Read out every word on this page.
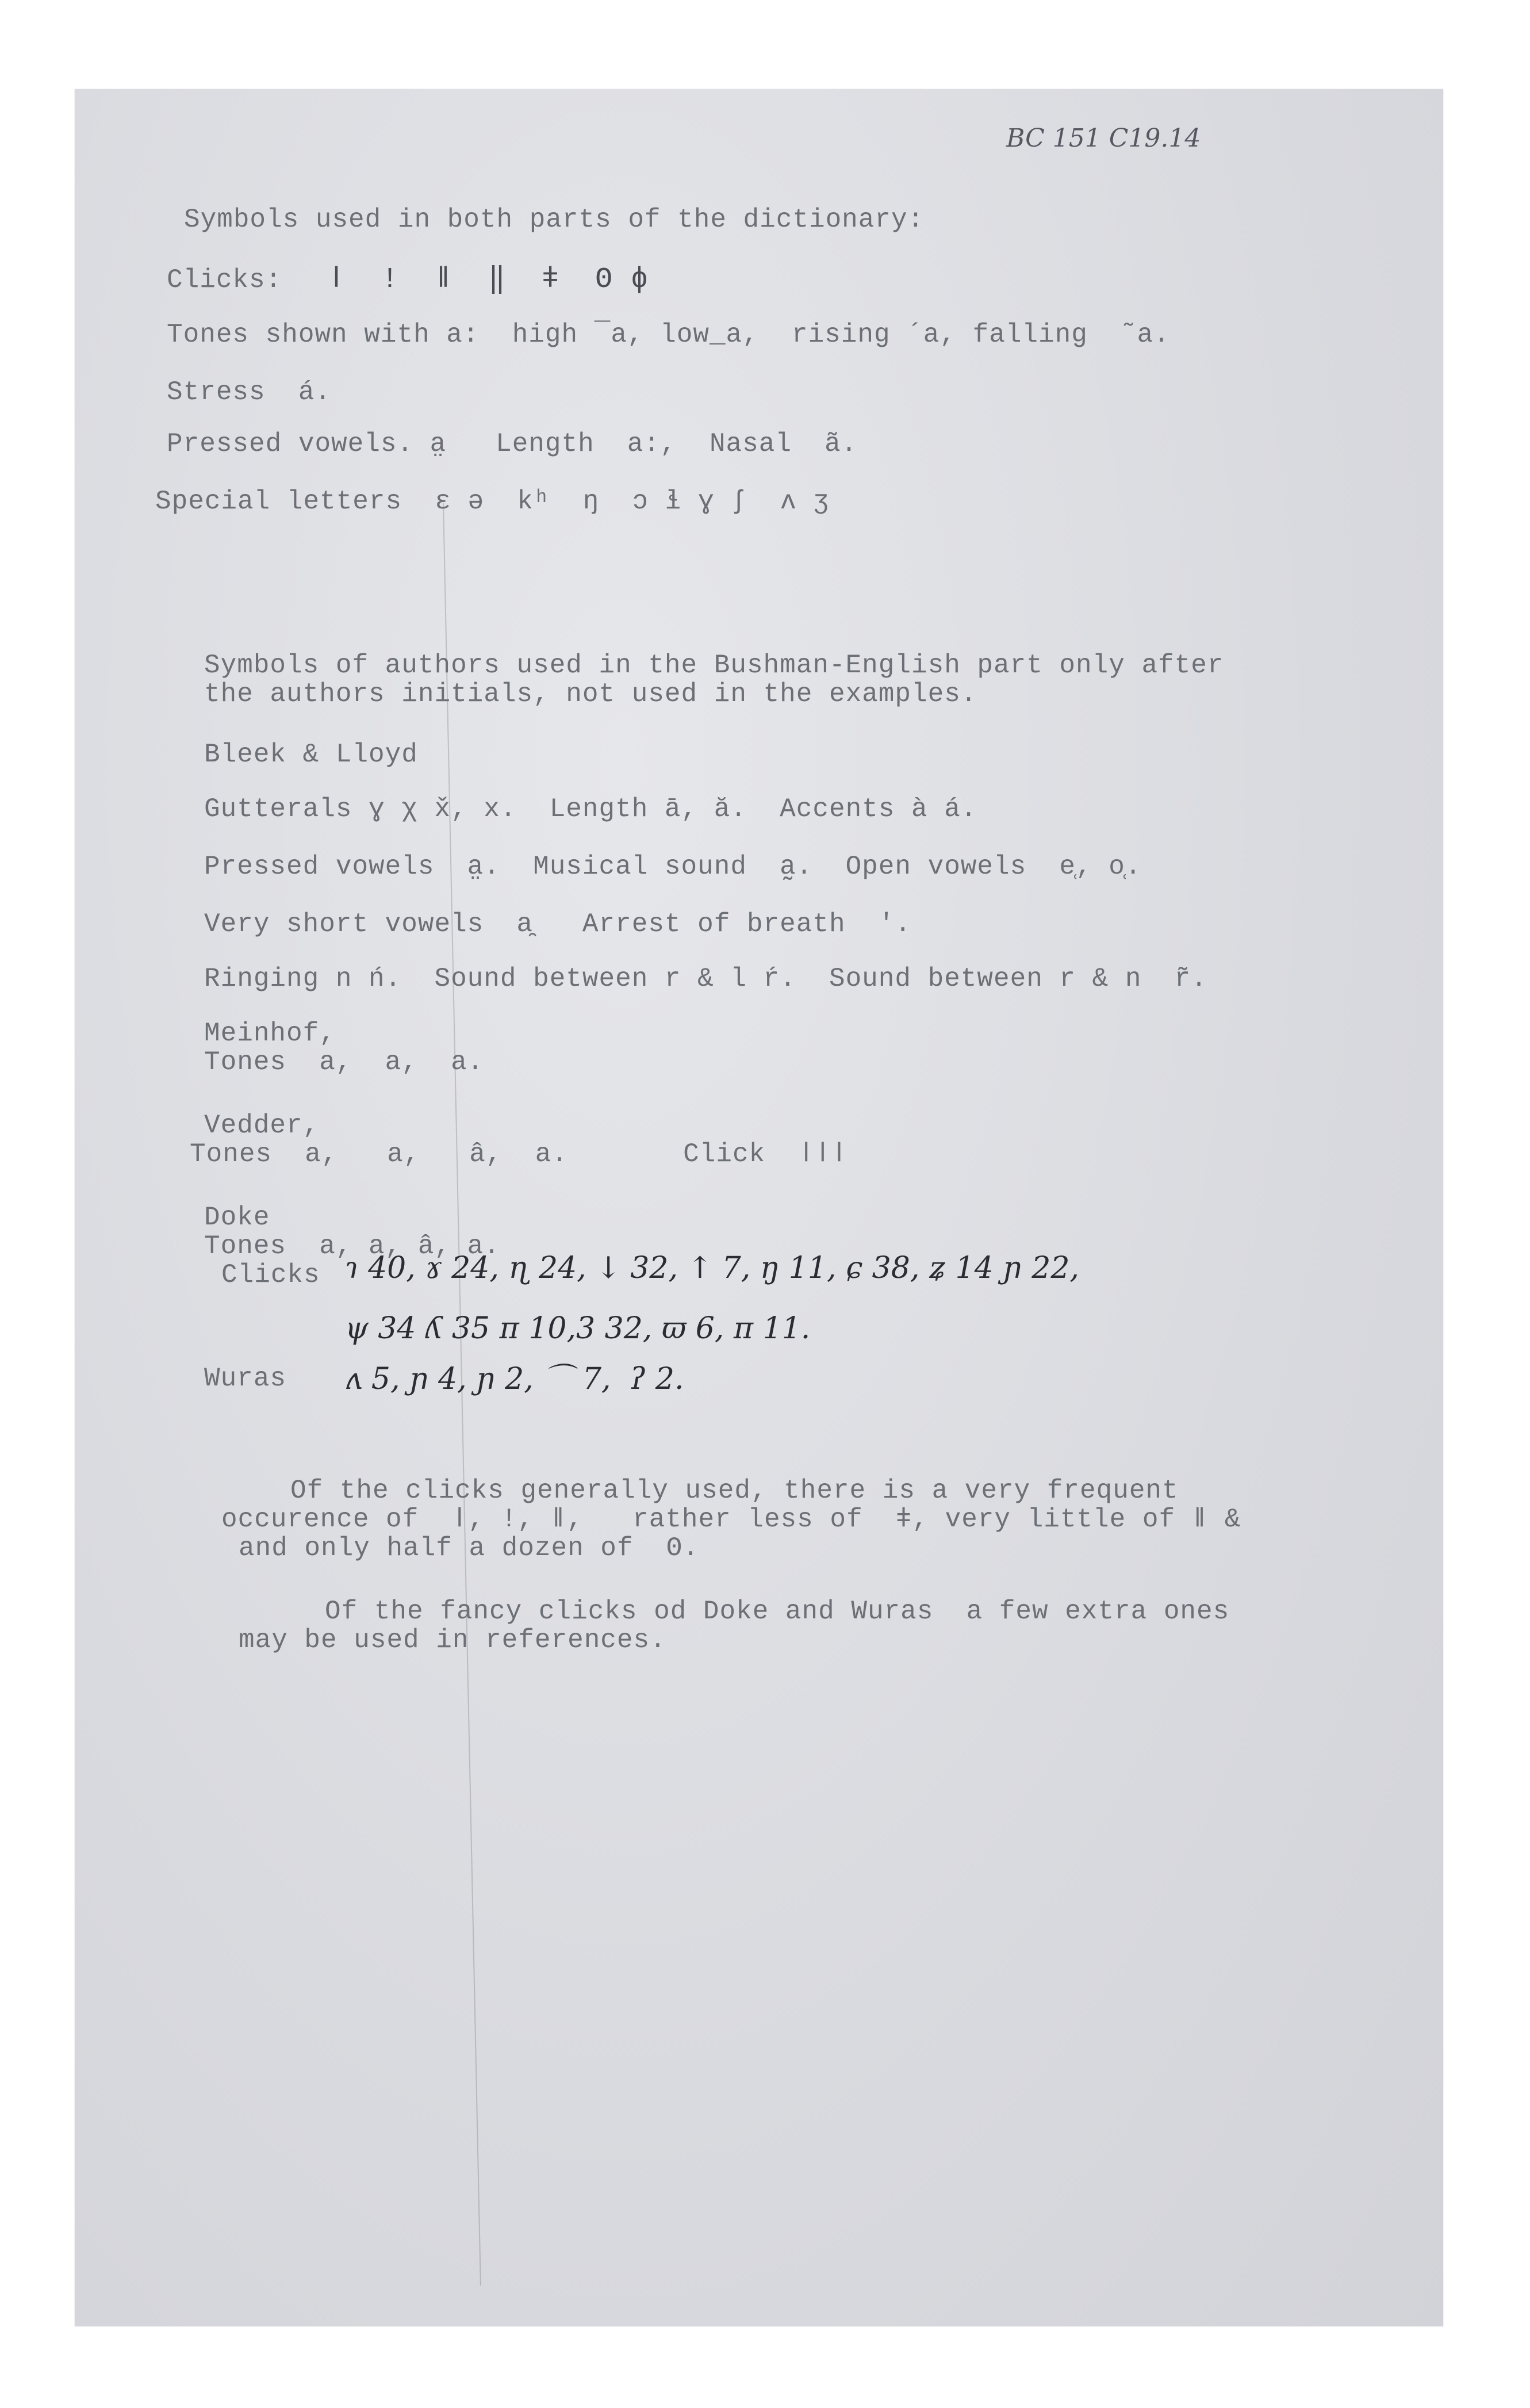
BC 151 C19.14
Symbols used in both parts of the dictionary:
Clicks: ǀ  ǃ  ǁ  ‖  ǂ  ʘ ɸ
Tones shown with a:  high ¯a, low_a,  rising ´a, falling  ˜a.
Stress  á.
Pressed vowels. a̤   Length  a:,  Nasal  ã.
Special letters  ɛ ə  kʰ  ŋ  ɔ ɬ ɣ ʃ  ʌ ʒ
Symbols of authors used in the Bushman-English part only after
the authors initials, not used in the examples.
Bleek & Lloyd
Gutterals ɣ χ x̌, x.  Length ā, ă.  Accents à á.
Pressed vowels  a̤.  Musical sound  a̰.  Open vowels  e̜, o̜.
Very short vowels  a̯   Arrest of breath  '.
Ringing n ń.  Sound between r & l ŕ.  Sound between r & n  r̃.
Meinhof,
Tones  a,  a,  a.
Vedder,
Tones  a,   a,   â,  a.       Click  ǀǀǀ
Doke
Tones  a, a, â, a.
Clicks ɿ 40, ɤ 24, ɳ 24, ↓ 32, ↑ 7, ŋ 11, ɕ 38, ʑ 14 ɲ 22,
ψ 34 ʎ 35 π 10,3 32, ϖ 6, π 11.
Wuras ʌ 5, ɲ 4, ɲ 2, ⌒ 7,  ʔ 2.
Of the clicks generally used, there is a very frequent
occurence of  ǀ, ǃ, ǁ,   rather less of  ǂ, very little of ǁ &
and only half a dozen of  ʘ.
Of the fancy clicks od Doke and Wuras  a few extra ones
may be used in references.
